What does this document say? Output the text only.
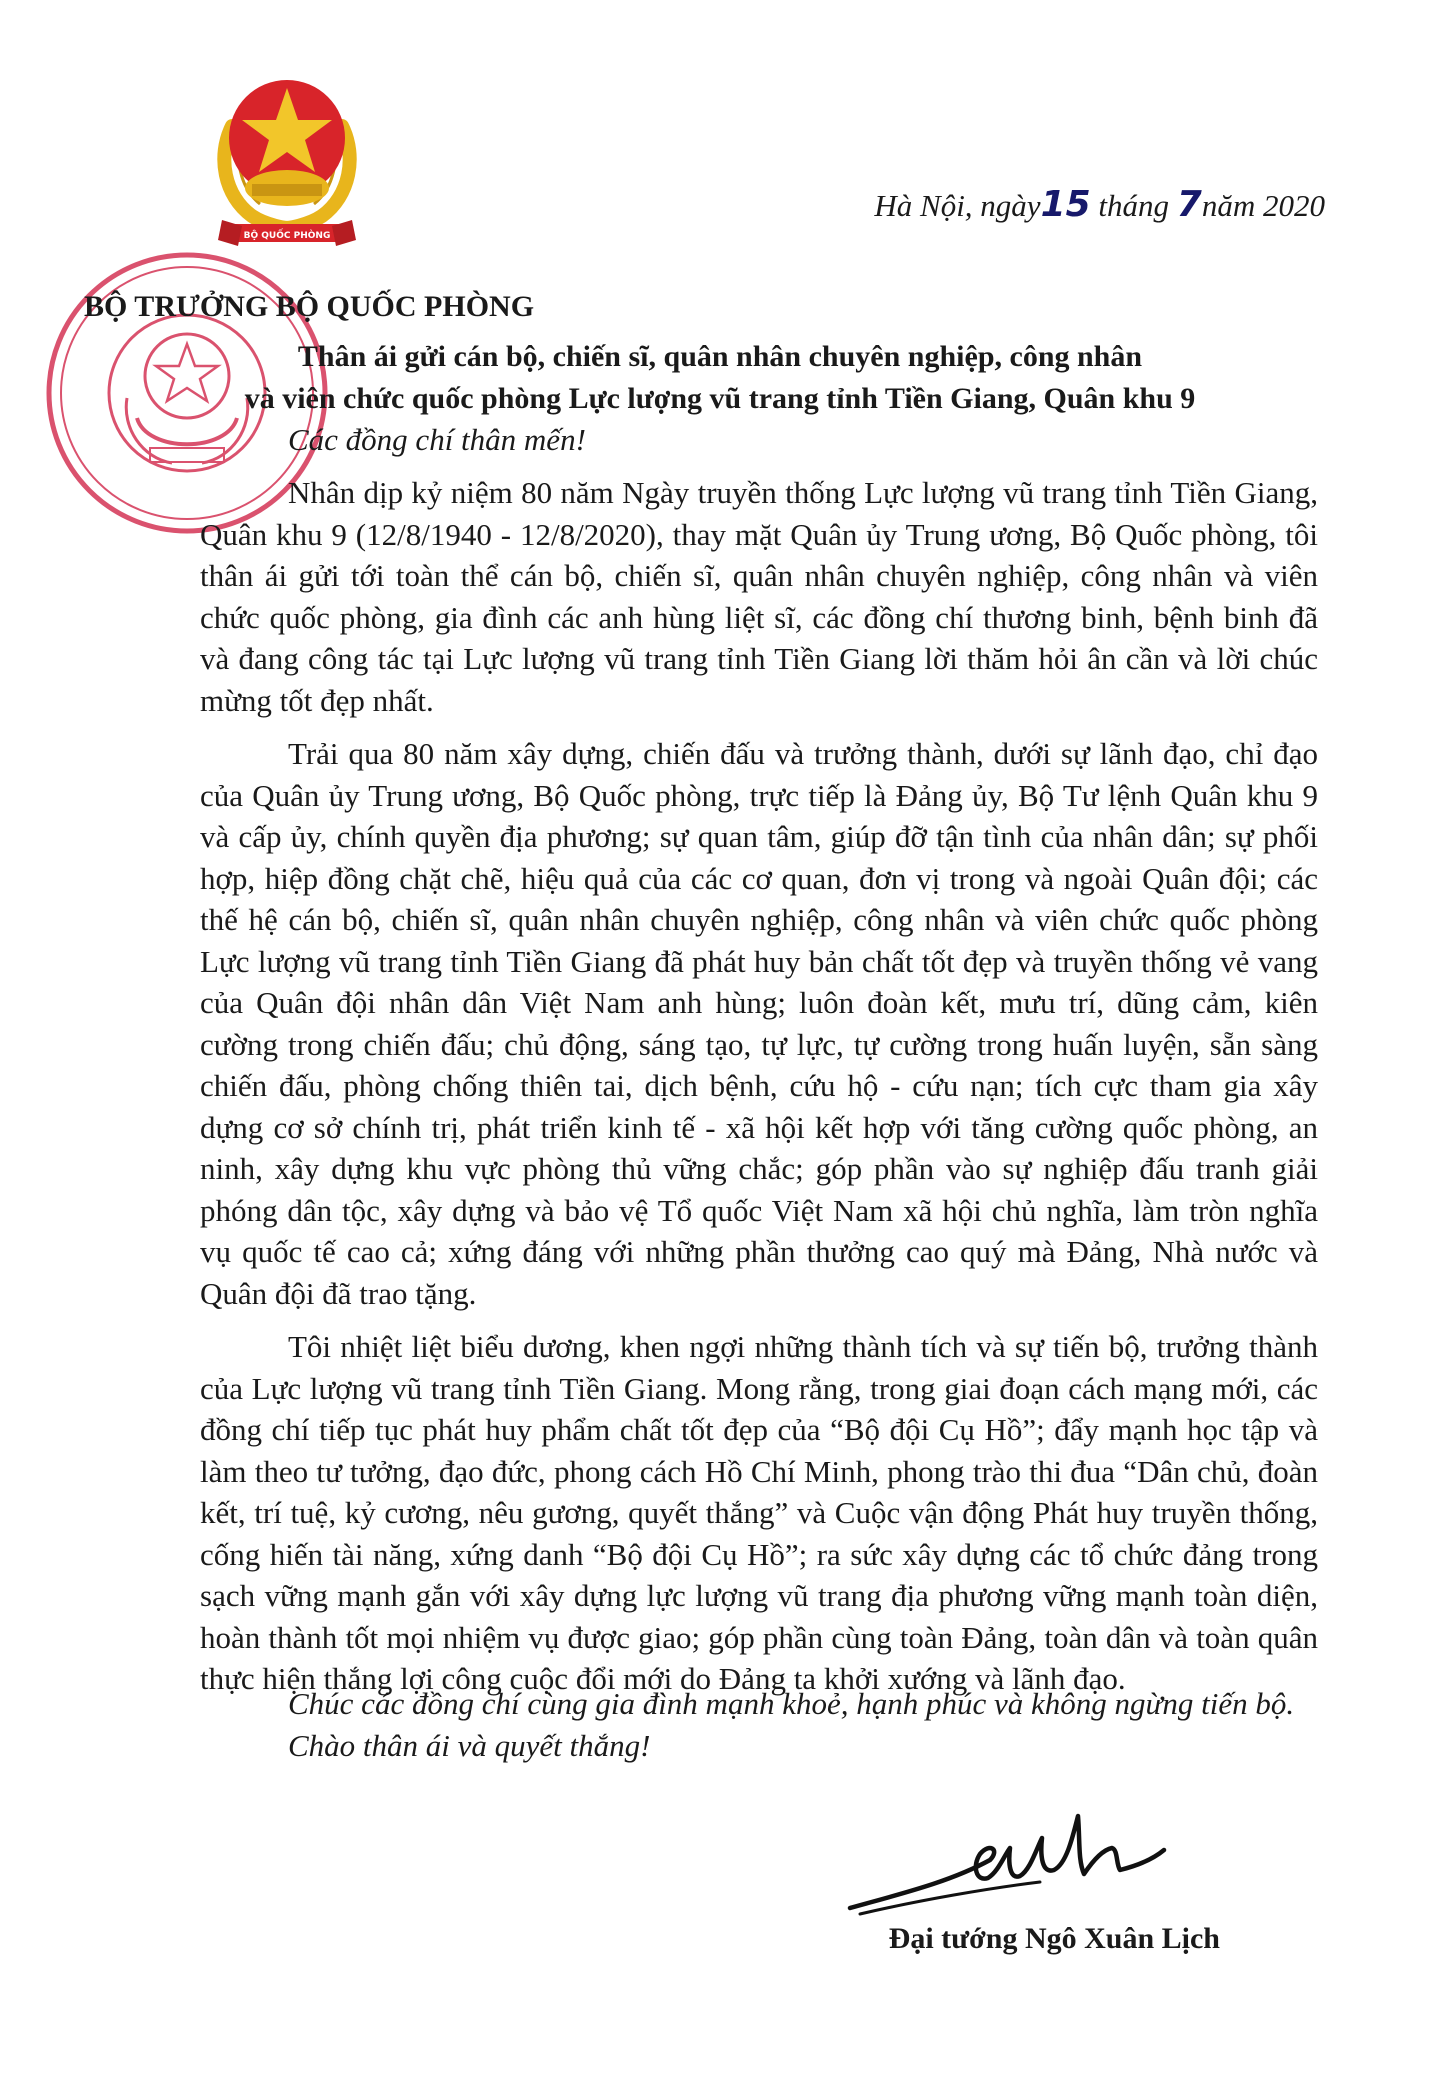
BỘ QUỐC PHÒNG
Hà Nội, ngày15 tháng 7năm 2020
BỘ TRƯỞNG BỘ QUỐC PHÒNG
Thân ái gửi cán bộ, chiến sĩ, quân nhân chuyên nghiệp, công nhân
và viên chức quốc phòng Lực lượng vũ trang tỉnh Tiền Giang, Quân khu 9
Các đồng chí thân mến!

Nhân dịp kỷ niệm 80 năm Ngày truyền thống Lực lượng vũ trang tỉnh Tiền Giang, Quân khu 9 (12/8/1940 - 12/8/2020), thay mặt Quân ủy Trung ương, Bộ Quốc phòng, tôi thân ái gửi tới toàn thể cán bộ, chiến sĩ, quân nhân chuyên nghiệp, công nhân và viên chức quốc phòng, gia đình các anh hùng liệt sĩ, các đồng chí thương binh, bệnh binh đã và đang công tác tại Lực lượng vũ trang tỉnh Tiền Giang lời thăm hỏi ân cần và lời chúc mừng tốt đẹp nhất.

Trải qua 80 năm xây dựng, chiến đấu và trưởng thành, dưới sự lãnh đạo, chỉ đạo của Quân ủy Trung ương, Bộ Quốc phòng, trực tiếp là Đảng ủy, Bộ Tư lệnh Quân khu 9 và cấp ủy, chính quyền địa phương; sự quan tâm, giúp đỡ tận tình của nhân dân; sự phối hợp, hiệp đồng chặt chẽ, hiệu quả của các cơ quan, đơn vị trong và ngoài Quân đội; các thế hệ cán bộ, chiến sĩ, quân nhân chuyên nghiệp, công nhân và viên chức quốc phòng Lực lượng vũ trang tỉnh Tiền Giang đã phát huy bản chất tốt đẹp và truyền thống vẻ vang của Quân đội nhân dân Việt Nam anh hùng; luôn đoàn kết, mưu trí, dũng cảm, kiên cường trong chiến đấu; chủ động, sáng tạo, tự lực, tự cường trong huấn luyện, sẵn sàng chiến đấu, phòng chống thiên tai, dịch bệnh, cứu hộ - cứu nạn; tích cực tham gia xây dựng cơ sở chính trị, phát triển kinh tế - xã hội kết hợp với tăng cường quốc phòng, an ninh, xây dựng khu vực phòng thủ vững chắc; góp phần vào sự nghiệp đấu tranh giải phóng dân tộc, xây dựng và bảo vệ Tổ quốc Việt Nam xã hội chủ nghĩa, làm tròn nghĩa vụ quốc tế cao cả; xứng đáng với những phần thưởng cao quý mà Đảng, Nhà nước và Quân đội đã trao tặng.

Tôi nhiệt liệt biểu dương, khen ngợi những thành tích và sự tiến bộ, trưởng thành của Lực lượng vũ trang tỉnh Tiền Giang. Mong rằng, trong giai đoạn cách mạng mới, các đồng chí tiếp tục phát huy phẩm chất tốt đẹp của “Bộ đội Cụ Hồ”; đẩy mạnh học tập và làm theo tư tưởng, đạo đức, phong cách Hồ Chí Minh, phong trào thi đua “Dân chủ, đoàn kết, trí tuệ, kỷ cương, nêu gương, quyết thắng” và Cuộc vận động Phát huy truyền thống, cống hiến tài năng, xứng danh “Bộ đội Cụ Hồ”; ra sức xây dựng các tổ chức đảng trong sạch vững mạnh gắn với xây dựng lực lượng vũ trang địa phương vững mạnh toàn diện, hoàn thành tốt mọi nhiệm vụ được giao; góp phần cùng toàn Đảng, toàn dân và toàn quân thực hiện thắng lợi công cuộc đổi mới do Đảng ta khởi xướng và lãnh đạo.

Chúc các đồng chí cùng gia đình mạnh khoẻ, hạnh phúc và không ngừng tiến bộ.
Chào thân ái và quyết thắng!
Đại tướng Ngô Xuân Lịch
